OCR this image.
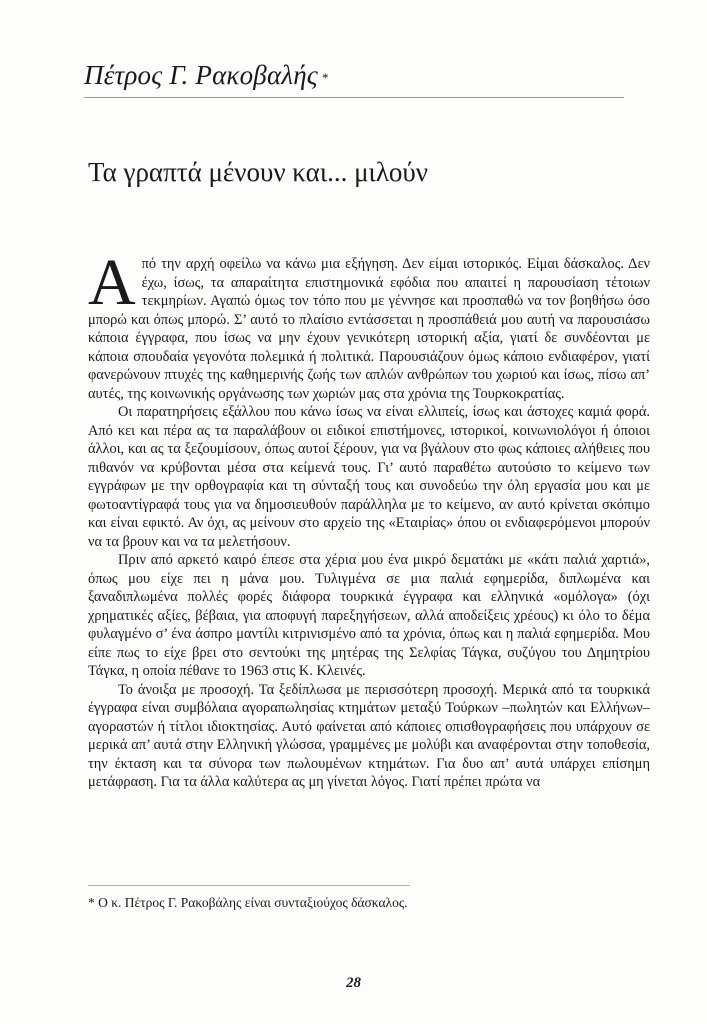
Πέτρος Γ. Ρακοβαλής *
Τα γραπτά μένουν και... μιλούν

Από την αρχή οφείλω να κάνω μια εξήγηση. Δεν είμαι ιστορικός. Είμαι δάσκαλος. Δεν έχω, ίσως, τα απαραίτητα επιστημονικά εφόδια που απαιτεί η παρουσίαση τέτοιων τεκμηρίων. Αγαπώ όμως τον τόπο που με γέννησε και προσπαθώ να τον βοηθήσω όσο μπορώ και όπως μπορώ. Σ’ αυτό το πλαίσιο εντάσσεται η προσπάθειά μου αυτή να παρουσιάσω κάποια έγγραφα, που ίσως να μην έχουν γενικότερη ιστορική αξία, γιατί δε συνδέονται με κάποια σπουδαία γεγονότα πολεμικά ή πολιτικά. Παρουσιάζουν όμως κάποιο ενδιαφέρον, γιατί φανερώνουν πτυχές της καθημερινής ζωής των απλών ανθρώπων του χωριού και ίσως, πίσω απ’ αυτές, της κοινωνικής οργάνωσης των χωριών μας στα χρόνια της Τουρκοκρατίας.

Οι παρατηρήσεις εξάλλου που κάνω ίσως να είναι ελλιπείς, ίσως και άστοχες καμιά φορά. Από κει και πέρα ας τα παραλάβουν οι ειδικοί επιστήμονες, ιστορικοί, κοινωνιολόγοι ή όποιοι άλλοι, και ας τα ξεζουμίσουν, όπως αυτοί ξέρουν, για να βγάλουν στο φως κάποιες αλήθειες που πιθανόν να κρύβονται μέσα στα κείμενά τους. Γι’ αυτό παραθέτω αυτούσιο το κείμενο των εγγράφων με την ορθογραφία και τη σύνταξή τους και συνοδεύω την όλη εργασία μου και με φωτοαντίγραφά τους για να δημοσιευθούν παράλληλα με το κείμενο, αν αυτό κρίνεται σκόπιμο και είναι εφικτό. Αν όχι, ας μείνουν στο αρχείο της «Εταιρίας» όπου οι ενδιαφερόμενοι μπορούν να τα βρουν και να τα μελετήσουν.

Πριν από αρκετό καιρό έπεσε στα χέρια μου ένα μικρό δεματάκι με «κάτι παλιά χαρτιά», όπως μου είχε πει η μάνα μου. Τυλιγμένα σε μια παλιά εφημερίδα, διπλωμένα και ξαναδιπλωμένα πολλές φορές διάφορα τουρκικά έγγραφα και ελληνικά «ομόλογα» (όχι χρηματικές αξίες, βέβαια, για αποφυγή παρεξηγήσεων, αλλά αποδείξεις χρέους) κι όλο το δέμα φυλαγμένο σ’ ένα άσπρο μαντίλι κιτρινισμένο από τα χρόνια, όπως και η παλιά εφημερίδα. Μου είπε πως το είχε βρει στο σεντούκι της μητέρας της Σελφίας Τάγκα, συζύγου του Δημητρίου Τάγκα, η οποία πέθανε το 1963 στις Κ. Κλεινές.

Το άνοιξα με προσοχή. Τα ξεδίπλωσα με περισσότερη προσοχή. Μερικά από τα τουρκικά έγγραφα είναι συμβόλαια αγοραπωλησίας κτημάτων μεταξύ Τούρκων –πωλητών και Ελλήνων– αγοραστών ή τίτλοι ιδιοκτησίας. Αυτό φαίνεται από κάποιες οπισθογραφήσεις που υπάρχουν σε μερικά απ’ αυτά στην Ελληνική γλώσσα, γραμμένες με μολύβι και αναφέρονται στην τοποθεσία, την έκταση και τα σύνορα των πωλουμένων κτημάτων. Για δυο απ’ αυτά υπάρχει επίσημη μετάφραση. Για τα άλλα καλύτερα ας μη γίνεται λόγος. Γιατί πρέπει πρώτα να

* Ο κ. Πέτρος Γ. Ρακοβάλης είναι συνταξιούχος δάσκαλος.
28
